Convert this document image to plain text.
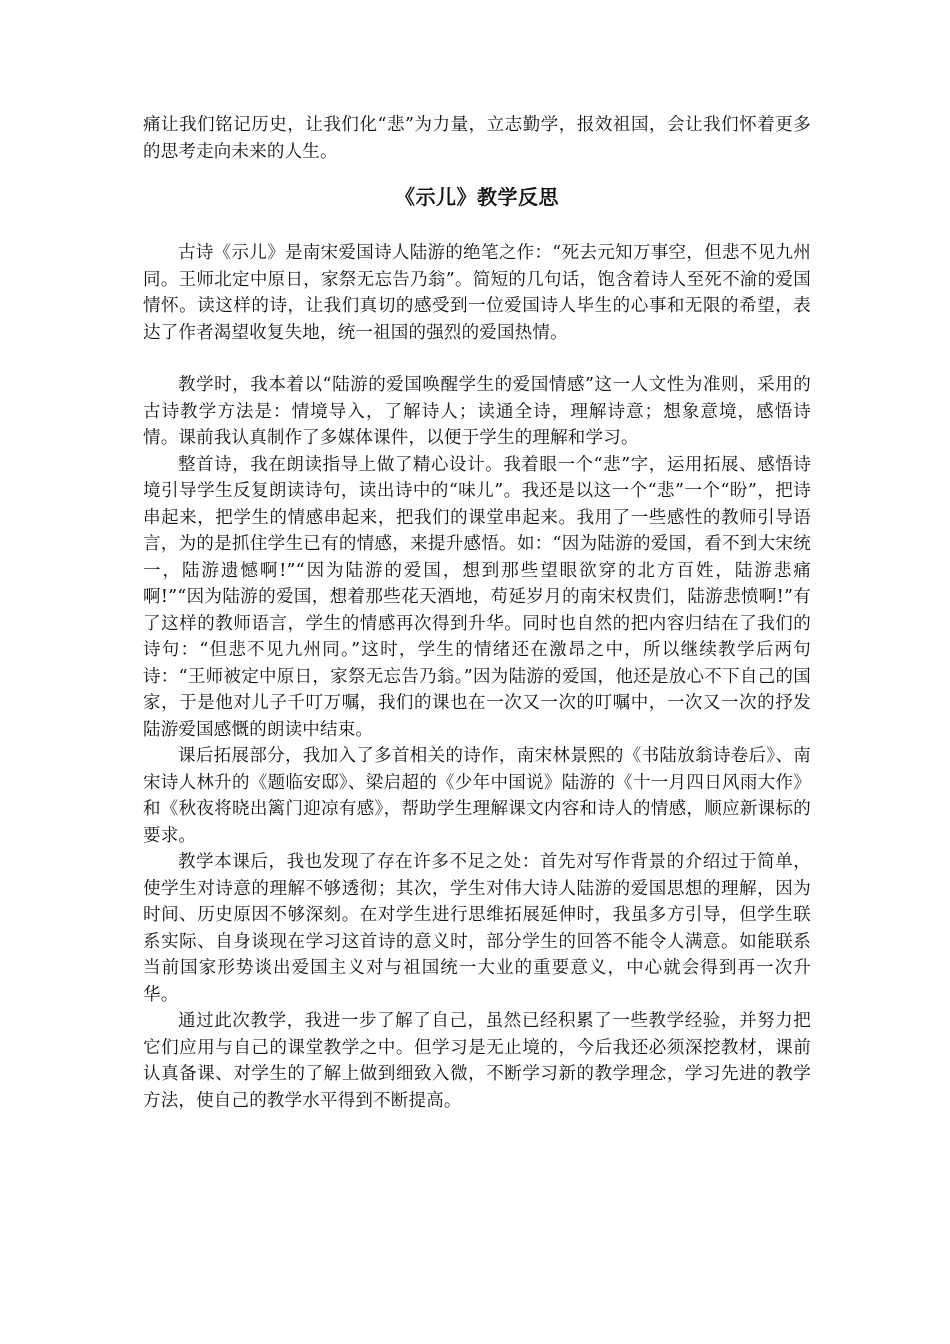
痛让我们铭记历史，让我们化“悲”为力量，立志勤学，报效祖国，会让我们怀着更多的思考走向未来的人生。

《示儿》教学反思

古诗《示儿》是南宋爱国诗人陆游的绝笔之作：“死去元知万事空，但悲不见九州同。王师北定中原日，家祭无忘告乃翁”。简短的几句话，饱含着诗人至死不渝的爱国情怀。读这样的诗，让我们真切的感受到一位爱国诗人毕生的心事和无限的希望，表达了作者渴望收复失地，统一祖国的强烈的爱国热情。

教学时，我本着以“陆游的爱国唤醒学生的爱国情感”这一人文性为准则，采用的古诗教学方法是：情境导入，了解诗人；读通全诗，理解诗意；想象意境，感悟诗情。课前我认真制作了多媒体课件，以便于学生的理解和学习。

整首诗，我在朗读指导上做了精心设计。我着眼一个“悲”字，运用拓展、感悟诗境引导学生反复朗读诗句，读出诗中的“味儿”。我还是以这一个“悲”一个“盼”，把诗串起来，把学生的情感串起来，把我们的课堂串起来。我用了一些感性的教师引导语言，为的是抓住学生已有的情感，来提升感悟。如：“因为陆游的爱国，看不到大宋统一，陆游遗憾啊!”“因为陆游的爱国，想到那些望眼欲穿的北方百姓，陆游悲痛啊!”“因为陆游的爱国，想着那些花天酒地，苟延岁月的南宋权贵们，陆游悲愤啊!”有了这样的教师语言，学生的情感再次得到升华。同时也自然的把内容归结在了我们的诗句：“但悲不见九州同。”这时，学生的情绪还在激昂之中，所以继续教学后两句诗：“王师被定中原日，家祭无忘告乃翁。”因为陆游的爱国，他还是放心不下自己的国家，于是他对儿子千叮万嘱，我们的课也在一次又一次的叮嘱中，一次又一次的抒发陆游爱国感慨的朗读中结束。

课后拓展部分，我加入了多首相关的诗作，南宋林景熙的《书陆放翁诗卷后》、南宋诗人林升的《题临安邸》、梁启超的《少年中国说》陆游的《十一月四日风雨大作》和《秋夜将晓出篱门迎凉有感》，帮助学生理解课文内容和诗人的情感，顺应新课标的要求。

教学本课后，我也发现了存在许多不足之处：首先对写作背景的介绍过于简单，使学生对诗意的理解不够透彻；其次，学生对伟大诗人陆游的爱国思想的理解，因为时间、历史原因不够深刻。在对学生进行思维拓展延伸时，我虽多方引导，但学生联系实际、自身谈现在学习这首诗的意义时，部分学生的回答不能令人满意。如能联系当前国家形势谈出爱国主义对与祖国统一大业的重要意义，中心就会得到再一次升华。

通过此次教学，我进一步了解了自己，虽然已经积累了一些教学经验，并努力把它们应用与自己的课堂教学之中。但学习是无止境的，今后我还必须深挖教材，课前认真备课、对学生的了解上做到细致入微，不断学习新的教学理念，学习先进的教学方法，使自己的教学水平得到不断提高。
